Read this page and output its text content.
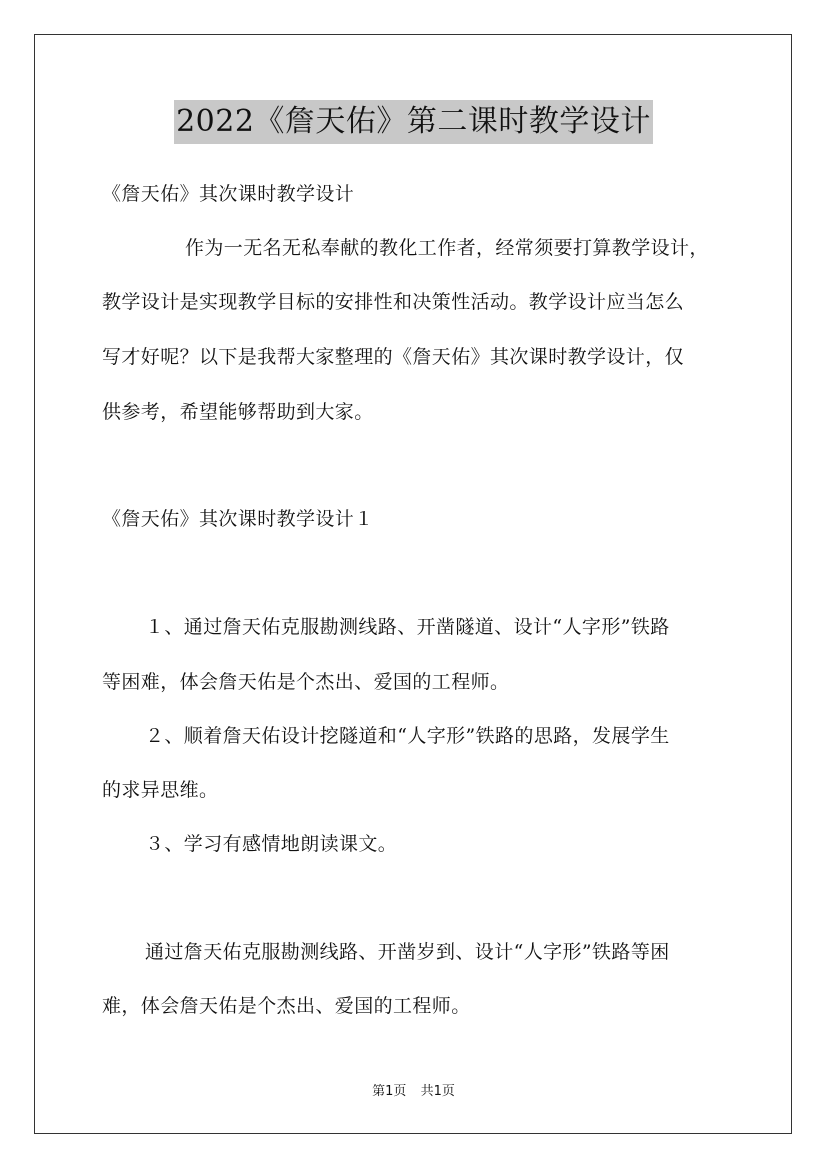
2022《詹天佑》第二课时教学设计
《詹天佑》其次课时教学设计
作为一无名无私奉献的教化工作者，经常须要打算教学设计，
教学设计是实现教学目标的安排性和决策性活动。教学设计应当怎么
写才好呢？以下是我帮大家整理的《詹天佑》其次课时教学设计，仅
供参考，希望能够帮助到大家。
《詹天佑》其次课时教学设计１
１、通过詹天佑克服勘测线路、开凿隧道、设计“人字形”铁路
等困难，体会詹天佑是个杰出、爱国的工程师。
２、顺着詹天佑设计挖隧道和“人字形”铁路的思路，发展学生
的求异思维。
３、学习有感情地朗读课文。
通过詹天佑克服勘测线路、开凿岁到、设计“人字形”铁路等困
难，体会詹天佑是个杰出、爱国的工程师。
第1页 共1页
